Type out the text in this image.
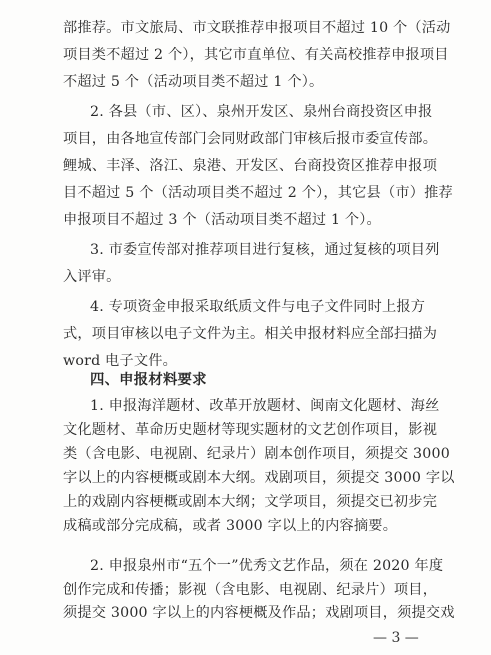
部推荐。市文旅局、市文联推荐申报项目不超过 10 个（活动
项目类不超过 2 个），其它市直单位、有关高校推荐申报项目
不超过 5 个（活动项目类不超过 1 个）。
2. 各县（市、区）、泉州开发区、泉州台商投资区申报
项目，由各地宣传部门会同财政部门审核后报市委宣传部。
鲤城、丰泽、洛江、泉港、开发区、台商投资区推荐申报项
目不超过 5 个（活动项目类不超过 2 个），其它县（市）推荐
申报项目不超过 3 个（活动项目类不超过 1 个）。
3. 市委宣传部对推荐项目进行复核，通过复核的项目列
入评审。
4. 专项资金申报采取纸质文件与电子文件同时上报方
式，项目审核以电子文件为主。相关申报材料应全部扫描为
word 电子文件。
四、申报材料要求
1. 申报海洋题材、改革开放题材、闽南文化题材、海丝
文化题材、革命历史题材等现实题材的文艺创作项目，影视
类（含电影、电视剧、纪录片）剧本创作项目，须提交 3000
字以上的内容梗概或剧本大纲。戏剧项目，须提交 3000 字以
上的戏剧内容梗概或剧本大纲；文学项目，须提交已初步完
成稿或部分完成稿，或者 3000 字以上的内容摘要。
2. 申报泉州市“五个一”优秀文艺作品，须在 2020 年度
创作完成和传播；影视（含电影、电视剧、纪录片）项目，
须提交 3000 字以上的内容梗概及作品；戏剧项目，须提交戏
— 3 —
